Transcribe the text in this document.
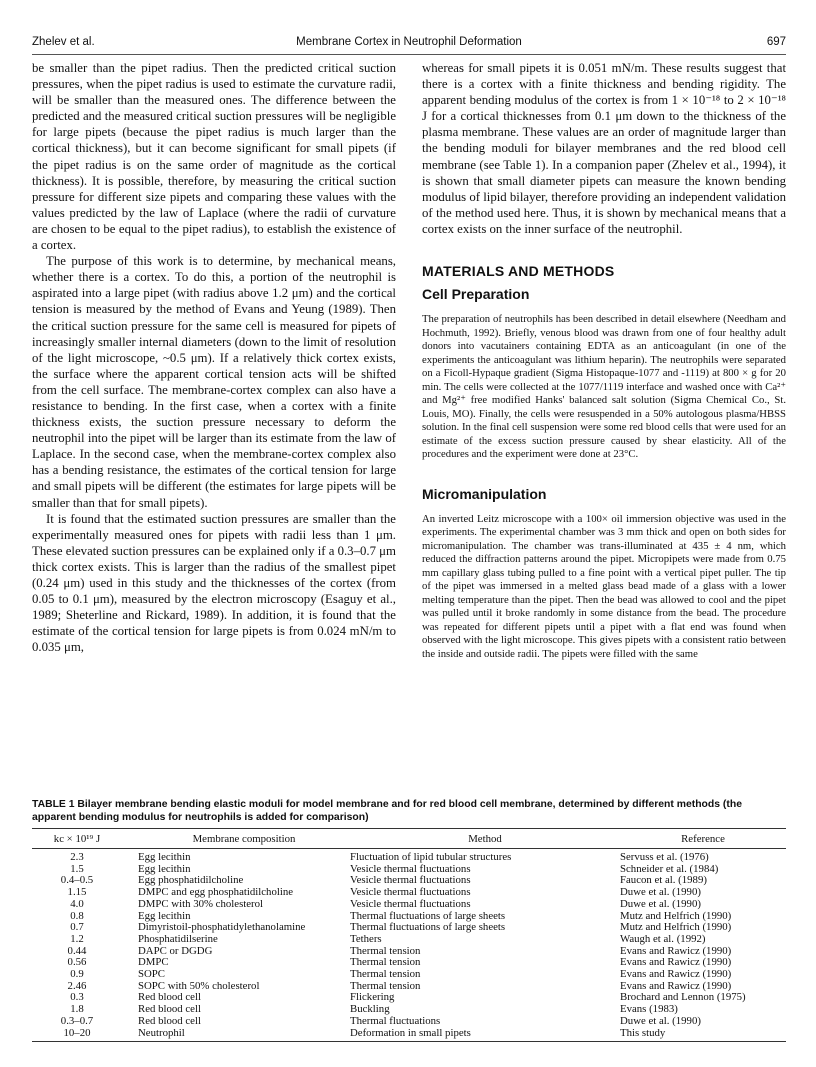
Zhelev et al.	Membrane Cortex in Neutrophil Deformation	697

be smaller than the pipet radius. Then the predicted critical suction pressures, when the pipet radius is used to estimate the curvature radii, will be smaller than the measured ones. The difference between the predicted and the measured critical suction pressures will be negligible for large pipets (because the pipet radius is much larger than the cortical thickness), but it can become significant for small pipets (if the pipet radius is on the same order of magnitude as the cortical thickness). It is possible, therefore, by measuring the critical suction pressure for different size pipets and comparing these values with the values predicted by the law of Laplace (where the radii of curvature are chosen to be equal to the pipet radius), to establish the existence of a cortex.

The purpose of this work is to determine, by mechanical means, whether there is a cortex. To do this, a portion of the neutrophil is aspirated into a large pipet (with radius above 1.2 μm) and the cortical tension is measured by the method of Evans and Yeung (1989). Then the critical suction pressure for the same cell is measured for pipets of increasingly smaller internal diameters (down to the limit of resolution of the light microscope, ~0.5 μm). If a relatively thick cortex exists, the surface where the apparent cortical tension acts will be shifted from the cell surface. The membrane-cortex complex can also have a resistance to bending. In the first case, when a cortex with a finite thickness exists, the suction pressure necessary to deform the neutrophil into the pipet will be larger than its estimate from the law of Laplace. In the second case, when the membrane-cortex complex also has a bending resistance, the estimates of the cortical tension for large and small pipets will be different (the estimates for large pipets will be smaller than that for small pipets).

It is found that the estimated suction pressures are smaller than the experimentally measured ones for pipets with radii less than 1 μm. These elevated suction pressures can be explained only if a 0.3–0.7 μm thick cortex exists. This is larger than the radius of the smallest pipet (0.24 μm) used in this study and the thicknesses of the cortex (from 0.05 to 0.1 μm), measured by the electron microscopy (Esaguy et al., 1989; Sheterline and Rickard, 1989). In addition, it is found that the estimate of the cortical tension for large pipets is from 0.024 mN/m to 0.035 μm,

whereas for small pipets it is 0.051 mN/m. These results suggest that there is a cortex with a finite thickness and bending rigidity. The apparent bending modulus of the cortex is from 1 × 10⁻¹⁸ to 2 × 10⁻¹⁸ J for a cortical thicknesses from 0.1 μm down to the thickness of the plasma membrane. These values are an order of magnitude larger than the bending moduli for bilayer membranes and the red blood cell membrane (see Table 1). In a companion paper (Zhelev et al., 1994), it is shown that small diameter pipets can measure the known bending modulus of lipid bilayer, therefore providing an independent validation of the method used here. Thus, it is shown by mechanical means that a cortex exists on the inner surface of the neutrophil.

MATERIALS AND METHODS

Cell Preparation

The preparation of neutrophils has been described in detail elsewhere (Needham and Hochmuth, 1992). Briefly, venous blood was drawn from one of four healthy adult donors into vacutainers containing EDTA as an anticoagulant (in one of the experiments the anticoagulant was lithium heparin). The neutrophils were separated on a Ficoll-Hypaque gradient (Sigma Histopaque-1077 and -1119) at 800 × g for 20 min. The cells were collected at the 1077/1119 interface and washed once with Ca²⁺ and Mg²⁺ free modified Hanks' balanced salt solution (Sigma Chemical Co., St. Louis, MO). Finally, the cells were resuspended in a 50% autologous plasma/HBSS solution. In the final cell suspension were some red blood cells that were used for an estimate of the excess suction pressure caused by shear elasticity. All of the procedures and the experiment were done at 23°C.

Micromanipulation

An inverted Leitz microscope with a 100× oil immersion objective was used in the experiments. The experimental chamber was 3 mm thick and open on both sides for micromanipulation. The chamber was trans-illuminated at 435 ± 4 nm, which reduced the diffraction patterns around the pipet. Micropipets were made from 0.75 mm capillary glass tubing pulled to a fine point with a vertical pipet puller. The tip of the pipet was immersed in a melted glass bead made of a glass with a lower melting temperature than the pipet. Then the bead was allowed to cool and the pipet was pulled until it broke randomly in some distance from the bead. The procedure was repeated for different pipets until a pipet with a flat end was found when observed with the light microscope. This gives pipets with a consistent ratio between the inside and outside radii. The pipets were filled with the same

TABLE 1 Bilayer membrane bending elastic moduli for model membrane and for red blood cell membrane, determined by different methods (the apparent bending modulus for neutrophils is added for comparison)

kc × 10¹⁹ J	Membrane composition	Method	Reference

2.3	Egg lecithin	Fluctuation of lipid tubular structures	Servuss et al. (1976)
1.5	Egg lecithin	Vesicle thermal fluctuations	Schneider et al. (1984)
0.4–0.5	Egg phosphatidilcholine	Vesicle thermal fluctuations	Faucon et al. (1989)
1.15	DMPC and egg phosphatidilcholine	Vesicle thermal fluctuations	Duwe et al. (1990)
4.0	DMPC with 30% cholesterol	Vesicle thermal fluctuations	Duwe et al. (1990)
0.8	Egg lecithin	Thermal fluctuations of large sheets	Mutz and Helfrich (1990)
0.7	Dimyristoil-phosphatidylethanolamine	Thermal fluctuations of large sheets	Mutz and Helfrich (1990)
1.2	Phosphatidilserine	Tethers	Waugh et al. (1992)
0.44	DAPC or DGDG	Thermal tension	Evans and Rawicz (1990)
0.56	DMPC	Thermal tension	Evans and Rawicz (1990)
0.9	SOPC	Thermal tension	Evans and Rawicz (1990)
2.46	SOPC with 50% cholesterol	Thermal tension	Evans and Rawicz (1990)
0.3	Red blood cell	Flickering	Brochard and Lennon (1975)
1.8	Red blood cell	Buckling	Evans (1983)
0.3–0.7	Red blood cell	Thermal fluctuations	Duwe et al. (1990)
10–20	Neutrophil	Deformation in small pipets	This study
